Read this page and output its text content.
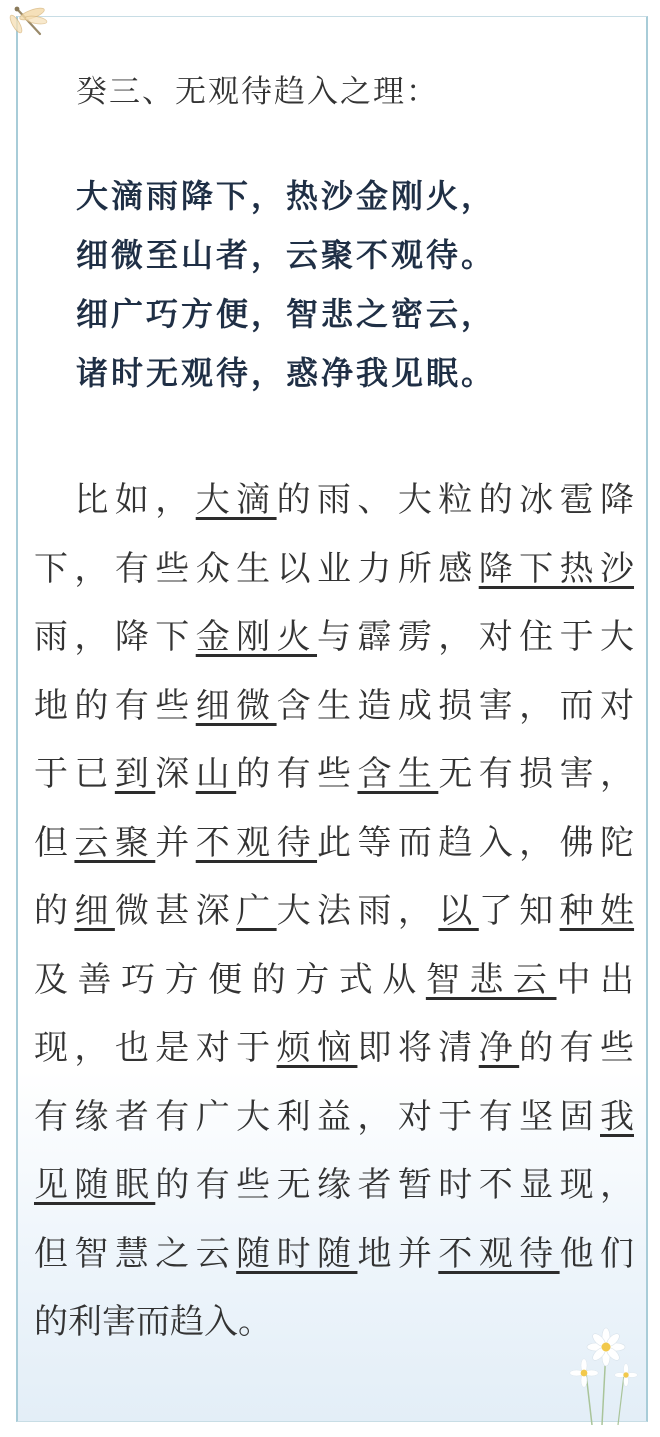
癸三、无观待趋入之理：
大滴雨降下，热沙金刚火，
细微至山者，云聚不观待。
细广巧方便，智悲之密云，
诸时无观待，惑净我见眠。
　比如，大滴的雨、大粒的冰雹降
下，有些众生以业力所感降下热沙
雨，降下金刚火与霹雳，对住于大
地的有些细微含生造成损害，而对
于已到深山的有些含生无有损害，
但云聚并不观待此等而趋入，佛陀
的细微甚深广大法雨，以了知种姓
及善巧方便的方式从智悲云中出
现，也是对于烦恼即将清净的有些
有缘者有广大利益，对于有坚固我
见随眠的有些无缘者暂时不显现，
但智慧之云随时随地并不观待他们
的利害而趋入。
